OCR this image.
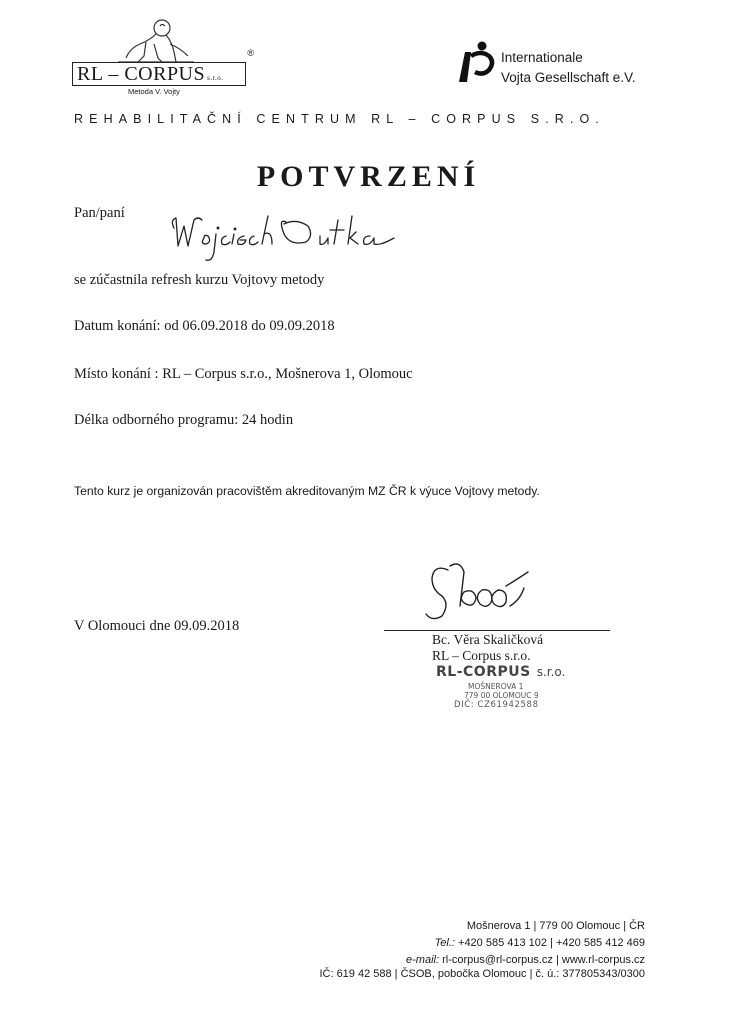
RL – CORPUS s.r.o.
®
Metoda V. Vojty
Internationale
Vojta Gesellschaft e.V.
REHABILITAČNÍ CENTRUM RL – CORPUS S.R.O.
POTVRZENÍ
Pan/paní
se zúčastnila refresh kurzu Vojtovy metody
Datum konání: od 06.09.2018 do 09.09.2018
Místo konání : RL – Corpus s.r.o., Mošnerova 1, Olomouc
Délka odborného programu: 24 hodin
Tento kurz je organizován pracovištěm akreditovaným MZ ČR k výuce Vojtovy metody.
V Olomouci dne 09.09.2018
Bc. Věra Skaličková
RL – Corpus s.r.o.
RL-CORPUS s.r.o.
MOŠNEROVA 1
779 00 OLOMOUC 9
DIČ: CZ61942588
Mošnerova 1 | 779 00 Olomouc | ČR
Tel.: +420 585 413 102 | +420 585 412 469
e-mail: rl-corpus@rl-corpus.cz | www.rl-corpus.cz
IČ: 619 42 588 | ČSOB, pobočka Olomouc | č. ú.: 377805343/0300
